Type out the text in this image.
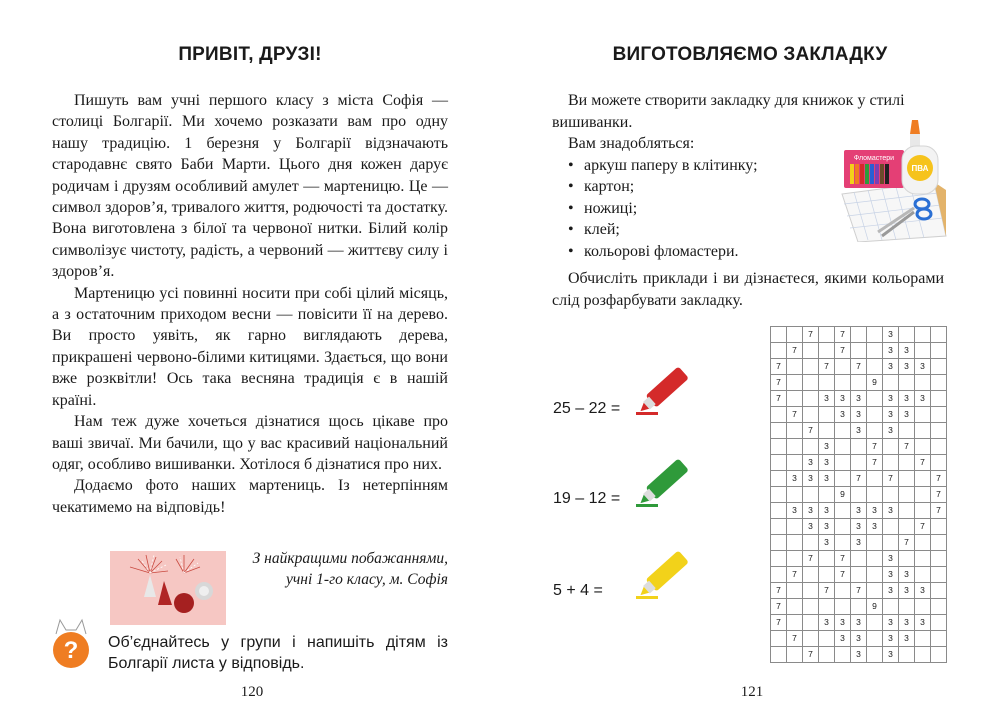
ПРИВІТ, ДРУЗІ!

Пишуть вам учні першого класу з міста Софія — столиці Болгарії. Ми хочемо розказати вам про одну нашу традицію. 1 березня у Болгарії відзначають стародавнє свято Баби Марти. Цього дня кожен дарує родичам і друзям особливий амулет — мартеницю. Це — символ здоров’я, тривалого життя, родючості та достатку. Вона виготовлена з білої та червоної нитки. Білий колір символізує чистоту, радість, а червоний — життєву силу і здоров’я.

Мартеницю усі повинні носити при собі цілий місяць, а з остаточним приходом весни — повісити її на дерево. Ви просто уявіть, як гарно виглядають дерева, прикрашені червоно-білими китицями. Здається, що вони вже розквітли! Ось така весняна традиція є в нашій країні.

Нам теж дуже хочеться дізнатися щось цікаве про ваші звичаї. Ми бачили, що у вас красивий національний одяг, особливо вишиванки. Хотілося б дізнатися про них.

Додаємо фото наших мартениць. Із нетерпінням чекатимемо на відповідь!

З найкращими побажаннями,
учні 1-го класу, м. Софія
? Об’єднайтесь у групи і напишіть дітям із Болгарії листа у відповідь.
120
ВИГОТОВЛЯЄМО ЗАКЛАДКУ

Ви можете створити закладку для книжок у стилі вишиванки.

Вам знадобляться:

• аркуш паперу в клітинку;
• картон;
• ножиці;
• клей;
• кольорові фломастери.

Обчисліть приклади і ви дізнаєтеся, якими кольорами слід розфарбувати закладку.

Фломастери
ПВА
25 – 22 =
19 – 12 =
5 + 4 =
		7		7			3			
	7			7			3	3		
7			7		7		3	3	3	
7						9				
7			3	3	3		3	3	3	
	7			3	3		3	3		
		7			3		3			
			3			7		7		
		3	3			7			7	
	3	3	3		7		7			7
				9						7
	3	3	3		3	3	3			7
		3	3		3	3			7	
			3		3			7		
		7		7			3			
	7			7			3	3		
7			7		7		3	3	3	
7						9				
7			3	3	3		3	3	3	
	7			3	3		3	3		
		7			3		3			
121
